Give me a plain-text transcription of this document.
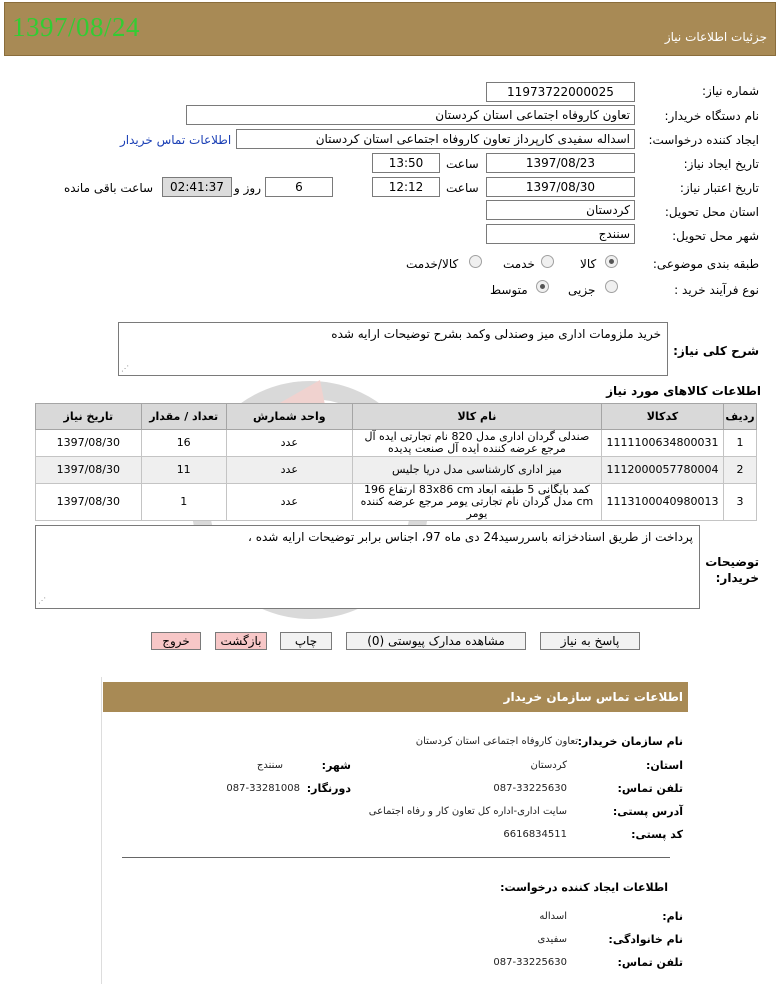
جزئیات اطلاعات نیاز
1397/08/24
شماره نیاز:
1197372200002​5
نام دستگاه خریدار:
تعاون کاروفاه اجتماعی استان کردستان
ایجاد کننده درخواست:
اسداله سفیدی کارپرداز تعاون کاروفاه اجتماعی استان کردستان
اطلاعات تماس خریدار
تاریخ ایجاد نیاز:
1397/08/23
ساعت
13:50
تاریخ اعتبار نیاز:
1397/08/30
ساعت
12:12
6
روز و
02:41:37
ساعت باقی مانده
استان محل تحویل:
کردستان
شهر محل تحویل:
سنندج
طبقه بندی موضوعی:
کالا
خدمت
کالا/خدمت
نوع فرآیند خرید :
جزیی
متوسط
شرح کلی نیاز:
خرید ملزومات اداری میز وصندلی وکمد بشرح توضیحات ارایه شده
⋰
اطلاعات کالاهای مورد نیاز
ردیف	کدکالا	نام کالا	واحد شمارش	تعداد / مقدار	تاریخ نیاز
1	1111100634800031	صندلی گردان اداری مدل 820 نام تجارتی ایده آل مرجع عرضه کننده ایده آل صنعت پدیده	عدد	16	1397/08/30
2	1112000057780004	میز اداری کارشناسی مدل دریا جلیس	عدد	11	1397/08/30
3	1113100040980013	کمد بایگانی 5 طبقه ابعاد 83x86 cm ارتفاع 196 cm مدل گردان نام تجارتی یومر مرجع عرضه کننده یومر	عدد	1	1397/08/30
توضیحات خریدار:
پرداخت از طریق اسنادخزانه باسررسید24 دی ماه 97، اجناس برابر توضیحات ارایه شده ،
⋰
پاسخ به نیاز
مشاهده مدارک پیوستی (0)
چاپ
بازگشت
خروج
اطلاعات تماس سازمان خریدار
نام سازمان خریدار:
تعاون کاروفاه اجتماعی استان کردستان
استان:
کردستان
شهر:
سنندج
تلفن تماس:
087-33225630
دورنگار:
087-33281008
آدرس پستی:
سایت اداری-اداره کل تعاون کار و رفاه اجتماعی
کد پستی:
6616834511
اطلاعات ایجاد کننده درخواست:
نام:
اسداله
نام خانوادگی:
سفیدی
تلفن تماس:
087-33225630
